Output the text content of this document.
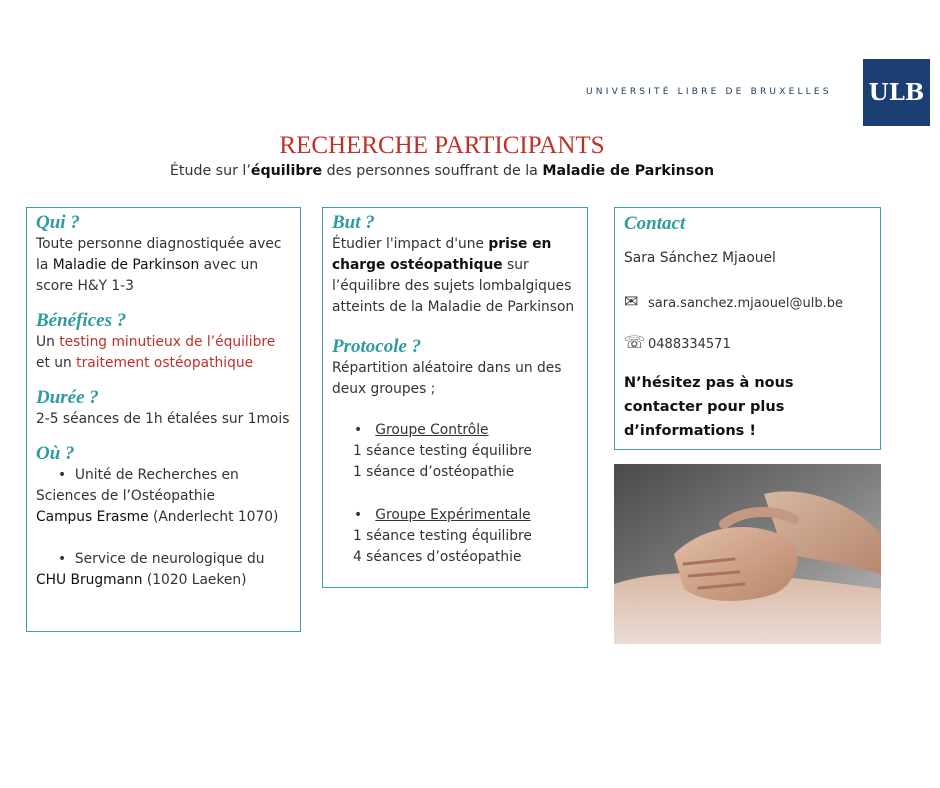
UNIVERSITÉ LIBRE DE BRUXELLES ULB
RECHERCHE PARTICIPANTS
Étude sur l’équilibre des personnes souffrant de la Maladie de Parkinson
Qui ?
Toute personne diagnostiquée avec la Maladie de Parkinson avec un score H&Y 1-3
Bénéfices ?
Un testing minutieux de l’équilibre et un traitement ostéopathique
Durée ?
2-5 séances de 1h étalées sur 1mois
Où ?
•  Unité de Recherches en Sciences de l’Ostéopathie
Campus Erasme (Anderlecht 1070)
•  Service de neurologique du
CHU Brugmann (1020 Laeken)
But ?
Étudier l'impact d'une prise en charge ostéopathique sur l’équilibre des sujets lombalgiques atteints de la Maladie de Parkinson
Protocole ?
Répartition aléatoire dans un des deux groupes ;
•   Groupe Contrôle
1 séance testing équilibre
1 séance d’ostéopathie
•   Groupe Expérimentale
1 séance testing équilibre
4 séances d’ostéopathie
Contact
Sara Sánchez Mjaouel
✉ sara.sanchez.mjaouel@ulb.be
☏ 0488334571
N’hésitez pas à nous contacter pour plus d’informations !
